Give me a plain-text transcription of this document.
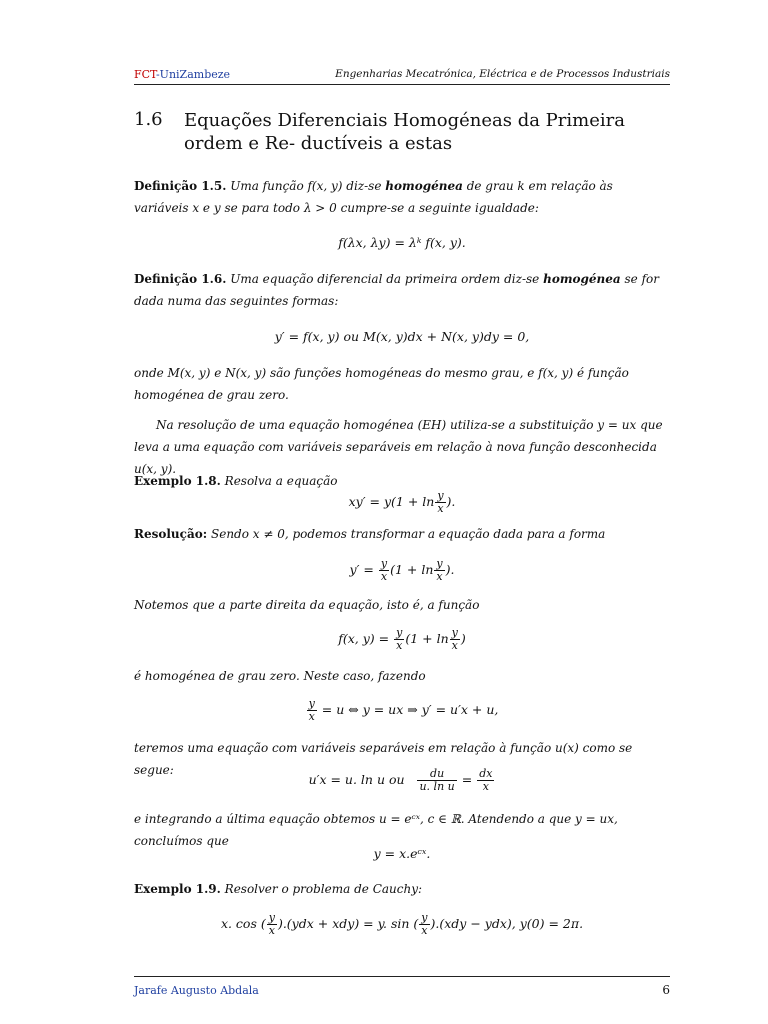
FCT-UniZambeze	Engenharias Mecatrónica, Eléctrica e de Processos Industriais
1.6 Equações Diferenciais Homogéneas da Primeira ordem e Re- ductíveis a estas
Definição 1.5. Uma função f(x, y) diz-se homogénea de grau k em relação às variáveis x e y se para todo λ > 0 cumpre-se a seguinte igualdade:
f(λx, λy) = λᵏ f(x, y).
Definição 1.6. Uma equação diferencial da primeira ordem diz-se homogénea se for dada numa das seguintes formas:
y′ = f(x, y) ou M(x, y)dx + N(x, y)dy = 0,
onde M(x, y) e N(x, y) são funções homogéneas do mesmo grau, e f(x, y) é função homogénea de grau zero.
Na resolução de uma equação homogénea (EH) utiliza-se a substituição y = ux que leva a uma equação com variáveis separáveis em relação à nova função desconhecida u(x, y).
Exemplo 1.8. Resolva a equação
$xy' = y(1 + \ln \frac{y}{x}$ ).
Resolução: Sendo x ≠ 0, podemos transformar a equação dada para a forma
$y' = \frac{y}{x} (1 + \ln \frac{y}{x}$ ).
Notemos que a parte direita da equação, isto é, a função
f(x, $y) = \frac{y}{x} (1 + \ln \frac{y}{x}$ )
é homogénea de grau zero. Neste caso, fazendo
$\frac{y}{x} = u$ ⇔ y = ux ⇒ y′ = u′x + u,
teremos uma equação com variáveis separáveis em relação à função u(x) como se segue:
u′x = u. ln u ou $\frac{du}{\text{u. ln u}} = \frac{dx}{x}$
e integrando a última equação obtemos u = eᶜˣ, c ∈ ℝ. Atendendo a que y = ux, concluímos que
y = x.eᶜˣ.
Exemplo 1.9. Resolver o problema de Cauchy:
x. cos ( $\frac{y}{x} ).(ydx + xdy) = y$. sin ( $\frac{y}{x} ).(xdy - ydx)$, y(0) = 2π.
Jarafe Augusto Abdala	6
